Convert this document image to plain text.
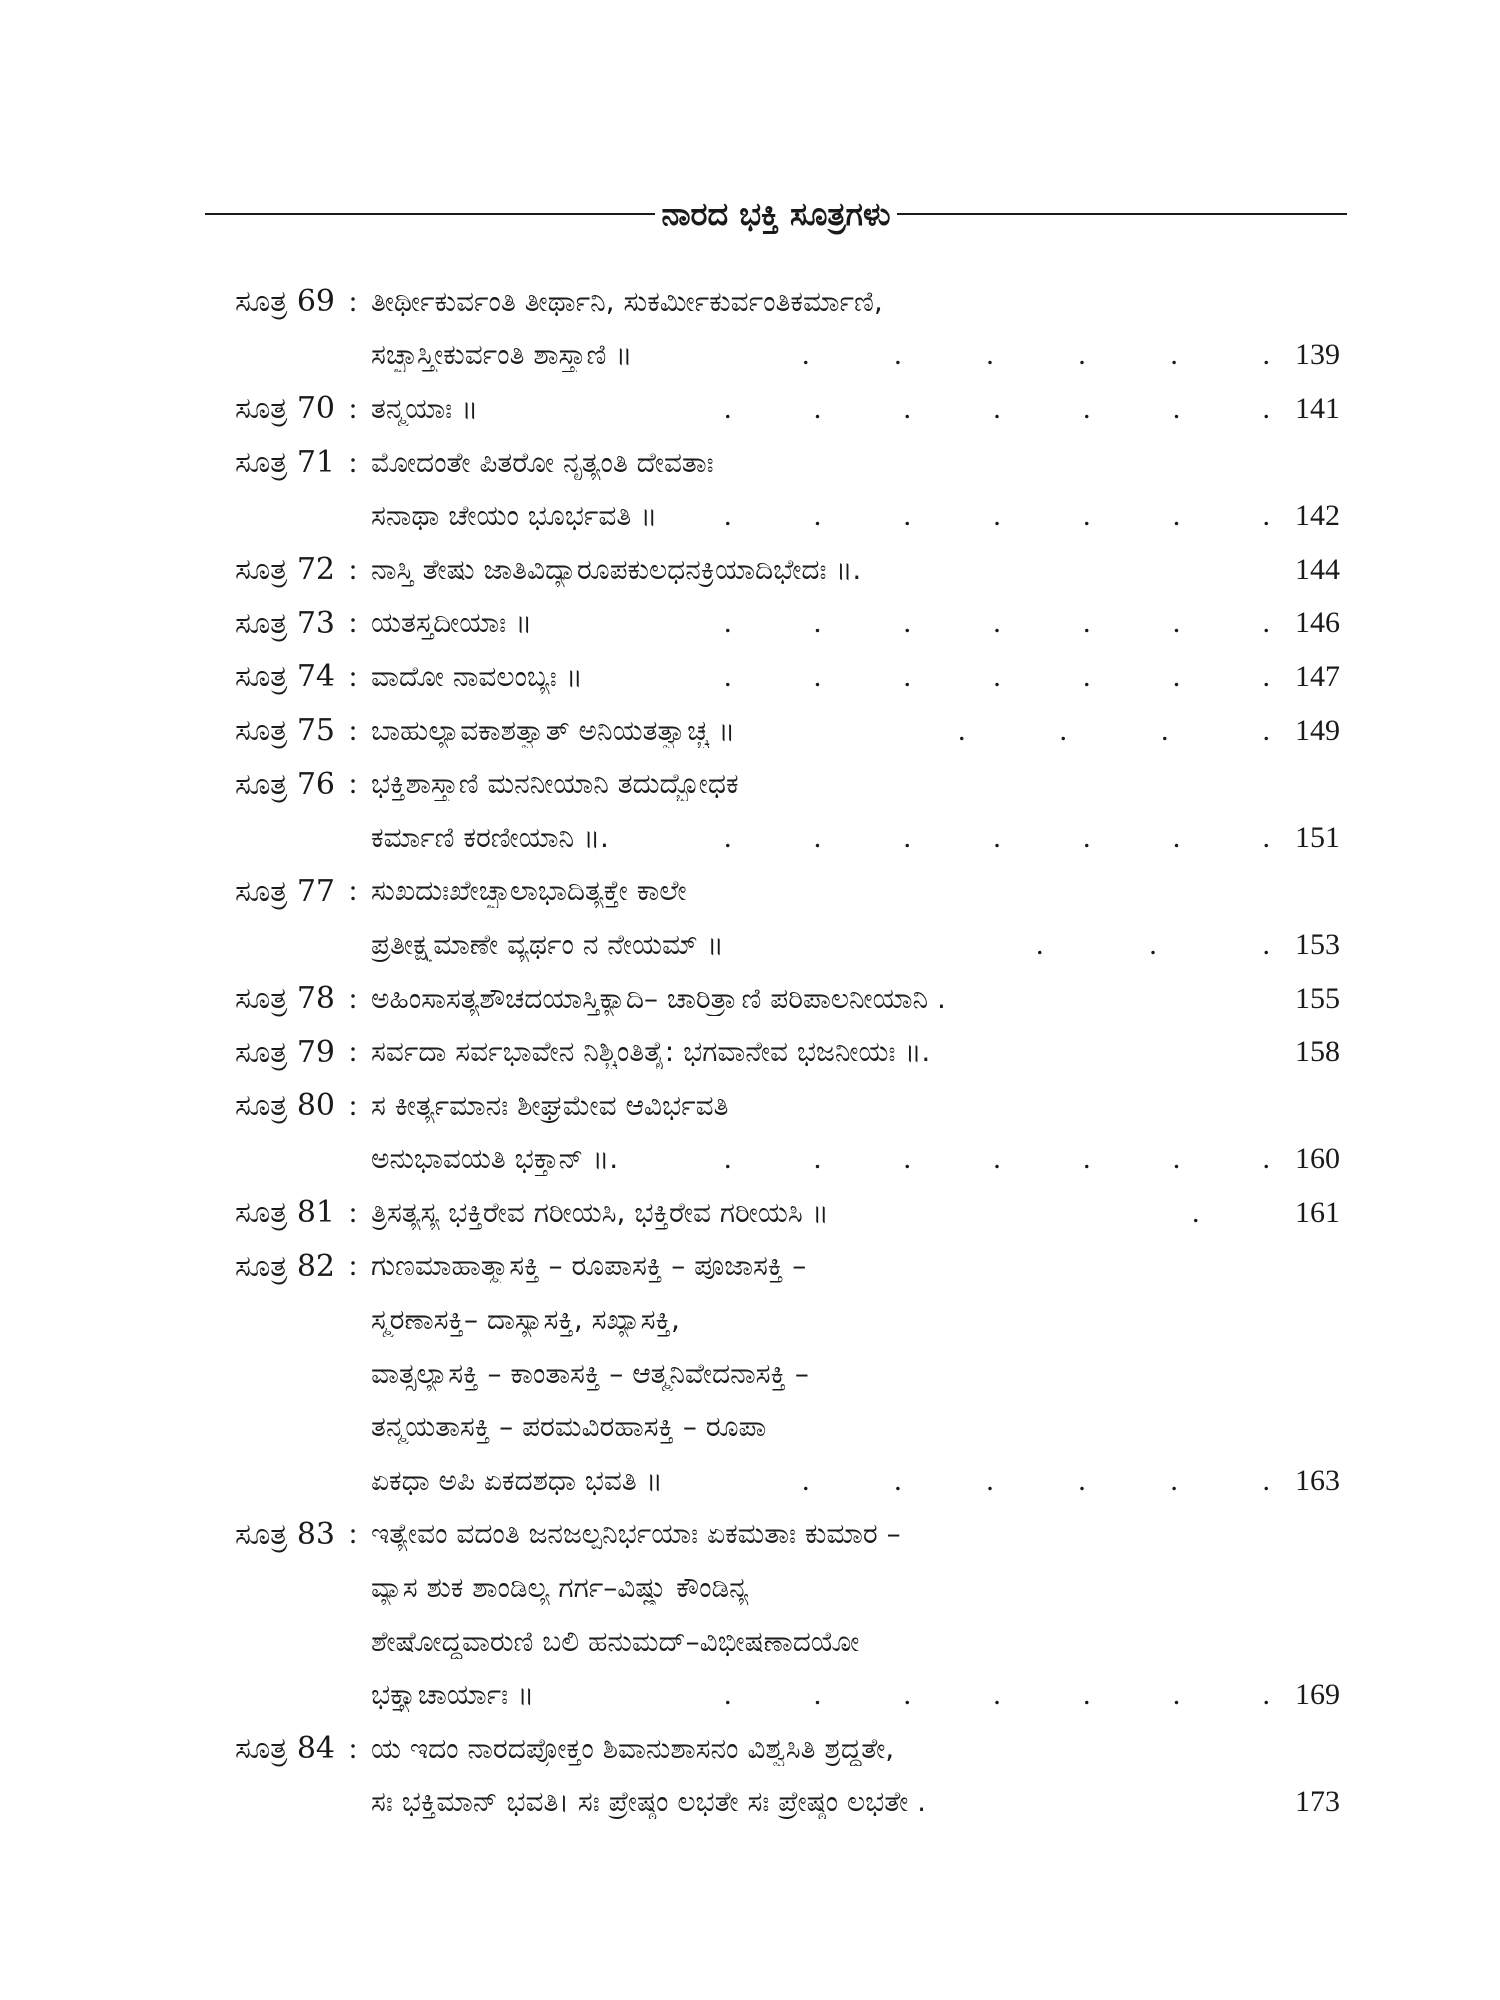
ನಾರದ ಭಕ್ತಿ ಸೂತ್ರಗಳು
ಸೂತ್ರ 69 : ತೀರ್ಥೀಕುರ್ವಂತಿ ತೀರ್ಥಾನಿ, ಸುಕರ್ಮೀಕುರ್ವಂತಿಕರ್ಮಾಣಿ,
ಸಚ್ಛಾಸ್ತ್ರೀಕುರ್ವಂತಿ ಶಾಸ್ತ್ರಾಣಿ ॥	.	.	.	.	.	. 139
ಸೂತ್ರ 70 : ತನ್ಮಯಾಃ ॥	.	.	.	.	.	.	. 141
ಸೂತ್ರ 71 : ಮೋದಂತೇ ಪಿತರೋ ನೃತ್ಯಂತಿ ದೇವತಾಃ
ಸನಾಥಾ ಚೇಯಂ ಭೂರ್ಭವತಿ ॥	.	.	.	.	.	.	. 142
ಸೂತ್ರ 72 : ನಾಸ್ತಿ ತೇಷು ಜಾತಿವಿದ್ಯಾರೂಪಕುಲಧನಕ್ರಿಯಾದಿಭೇದಃ ॥.	144
ಸೂತ್ರ 73 : ಯತಸ್ತದೀಯಾಃ ॥	.	.	.	.	.	.	. 146
ಸೂತ್ರ 74 : ವಾದೋ ನಾವಲಂಬ್ಯಃ ॥	.	.	.	.	.	.	. 147
ಸೂತ್ರ 75 : ಬಾಹುಲ್ಯಾವಕಾಶತ್ವಾತ್ ಅನಿಯತತ್ವಾಚ್ಚ ॥	.	.	.	. 149
ಸೂತ್ರ 76 : ಭಕ್ತಿಶಾಸ್ತ್ರಾಣಿ ಮನನೀಯಾನಿ ತದುದ್ಬೋಧಕ
ಕರ್ಮಾಣಿ ಕರಣೀಯಾನಿ ॥.	.	.	.	.	.	.	. 151
ಸೂತ್ರ 77 : ಸುಖದುಃಖೇಚ್ಛಾಲಾಭಾದಿತ್ಯಕ್ತೇ ಕಾಲೇ
ಪ್ರತೀಕ್ಷ್ಯಮಾಣೇ ವ್ಯರ್ಥಂ ನ ನೇಯಮ್ ॥	.	.	. 153
ಸೂತ್ರ 78 : ಅಹಿಂಸಾಸತ್ಯಶೌಚದಯಾಸ್ತಿಕ್ಯಾದಿ– ಚಾರಿತ್ರ್ಯಾಣಿ ಪರಿಪಾಲನೀಯಾನಿ .	155
ಸೂತ್ರ 79 : ಸರ್ವದಾ ಸರ್ವಭಾವೇನ ನಿಶ್ಚಿಂತಿತೈ: ಭಗವಾನೇವ ಭಜನೀಯಃ ॥.	158
ಸೂತ್ರ 80 : ಸ ಕೀರ್ತ್ಯಮಾನಃ ಶೀಘ್ರಮೇವ ಆವಿರ್ಭವತಿ
ಅನುಭಾವಯತಿ ಭಕ್ತಾನ್ ॥.	.	.	.	.	.	.	. 160
ಸೂತ್ರ 81 : ತ್ರಿಸತ್ಯಸ್ಯ ಭಕ್ತಿರೇವ ಗರೀಯಸಿ, ಭಕ್ತಿರೇವ ಗರೀಯಸಿ ॥	.	161
ಸೂತ್ರ 82 : ಗುಣಮಾಹಾತ್ಮ್ಯಾಸಕ್ತಿ – ರೂಪಾಸಕ್ತಿ – ಪೂಜಾಸಕ್ತಿ –
ಸ್ಮರಣಾಸಕ್ತಿ– ದಾಸ್ಯಾಸಕ್ತಿ, ಸಖ್ಯಾಸಕ್ತಿ,
ವಾತ್ಸಲ್ಯಾಸಕ್ತಿ – ಕಾಂತಾಸಕ್ತಿ – ಆತ್ಮನಿವೇದನಾಸಕ್ತಿ –
ತನ್ಮಯತಾಸಕ್ತಿ – ಪರಮವಿರಹಾಸಕ್ತಿ – ರೂಪಾ
ಏಕಧಾ ಅಪಿ ಏಕದಶಧಾ ಭವತಿ ॥	.	.	.	.	.	. 163
ಸೂತ್ರ 83 : ಇತ್ಯೇವಂ ವದಂತಿ ಜನಜಲ್ಪನಿರ್ಭಯಾಃ ಏಕಮತಾಃ ಕುಮಾರ –
ವ್ಯಾಸ ಶುಕ ಶಾಂಡಿಲ್ಯ ಗರ್ಗ–ವಿಷ್ಣು ಕೌಂಡಿನ್ಯ
ಶೇಷೋದ್ಧವಾರುಣಿ ಬಲಿ ಹನುಮದ್–ವಿಭೀಷಣಾದಯೋ
ಭಕ್ತ್ಯಾಚಾರ್ಯಾಃ ॥	.	.	.	.	.	.	. 169
ಸೂತ್ರ 84 : ಯ ಇದಂ ನಾರದಪ್ರೋಕ್ತಂ ಶಿವಾನುಶಾಸನಂ ವಿಶ್ವಸಿತಿ ಶ್ರದ್ಧತೇ,
ಸಃ ಭಕ್ತಿಮಾನ್ ಭವತಿ। ಸಃ ಪ್ರೇಷ್ಠಂ ಲಭತೇ ಸಃ ಪ್ರೇಷ್ಠಂ ಲಭತೇ .	173
